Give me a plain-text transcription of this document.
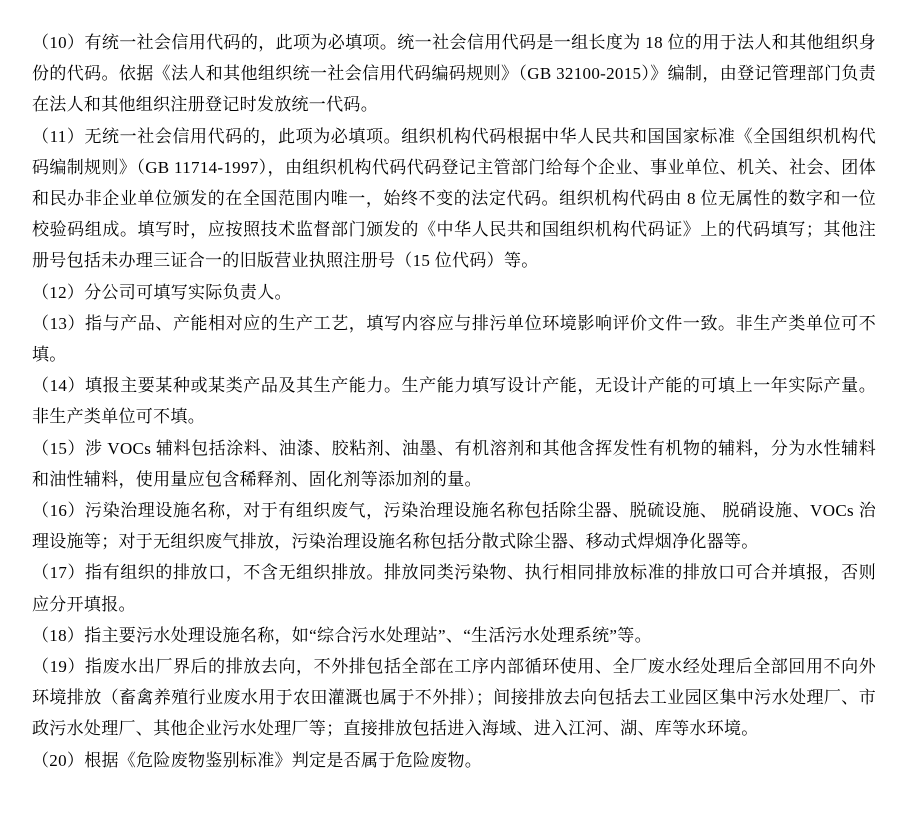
（10）有统一社会信用代码的，此项为必填项。统一社会信用代码是一组长度为 18 位的用于法人和其他组织身份的代码。依据《法人和其他组织统一社会信用代码编码规则》（GB 32100-2015）》编制，由登记管理部门负责在法人和其他组织注册登记时发放统一代码。

（11）无统一社会信用代码的，此项为必填项。组织机构代码根据中华人民共和国国家标准《全国组织机构代码编制规则》（GB 11714-1997），由组织机构代码代码登记主管部门给每个企业、事业单位、机关、社会、团体和民办非企业单位颁发的在全国范围内唯一，始终不变的法定代码。组织机构代码由 8 位无属性的数字和一位校验码组成。填写时，应按照技术监督部门颁发的《中华人民共和国组织机构代码证》上的代码填写；其他注册号包括未办理三证合一的旧版营业执照注册号（15 位代码）等。

（12）分公司可填写实际负责人。

（13）指与产品、产能相对应的生产工艺，填写内容应与排污单位环境影响评价文件一致。非生产类单位可不填。

（14）填报主要某种或某类产品及其生产能力。生产能力填写设计产能，无设计产能的可填上一年实际产量。非生产类单位可不填。

（15）涉 VOCs 辅料包括涂料、油漆、胶粘剂、油墨、有机溶剂和其他含挥发性有机物的辅料，分为水性辅料和油性辅料，使用量应包含稀释剂、固化剂等添加剂的量。

（16）污染治理设施名称，对于有组织废气，污染治理设施名称包括除尘器、脱硫设施、 脱硝设施、VOCs 治理设施等；对于无组织废气排放，污染治理设施名称包括分散式除尘器、移动式焊烟净化器等。

（17）指有组织的排放口，不含无组织排放。排放同类污染物、执行相同排放标准的排放口可合并填报，否则应分开填报。

（18）指主要污水处理设施名称，如“综合污水处理站”、“生活污水处理系统”等。

（19）指废水出厂界后的排放去向，不外排包括全部在工序内部循环使用、全厂废水经处理后全部回用不向外环境排放（畜禽养殖行业废水用于农田灌溉也属于不外排）；间接排放去向包括去工业园区集中污水处理厂、市政污水处理厂、其他企业污水处理厂等；直接排放包括进入海域、进入江河、湖、库等水环境。

（20）根据《危险废物鉴别标准》判定是否属于危险废物。
